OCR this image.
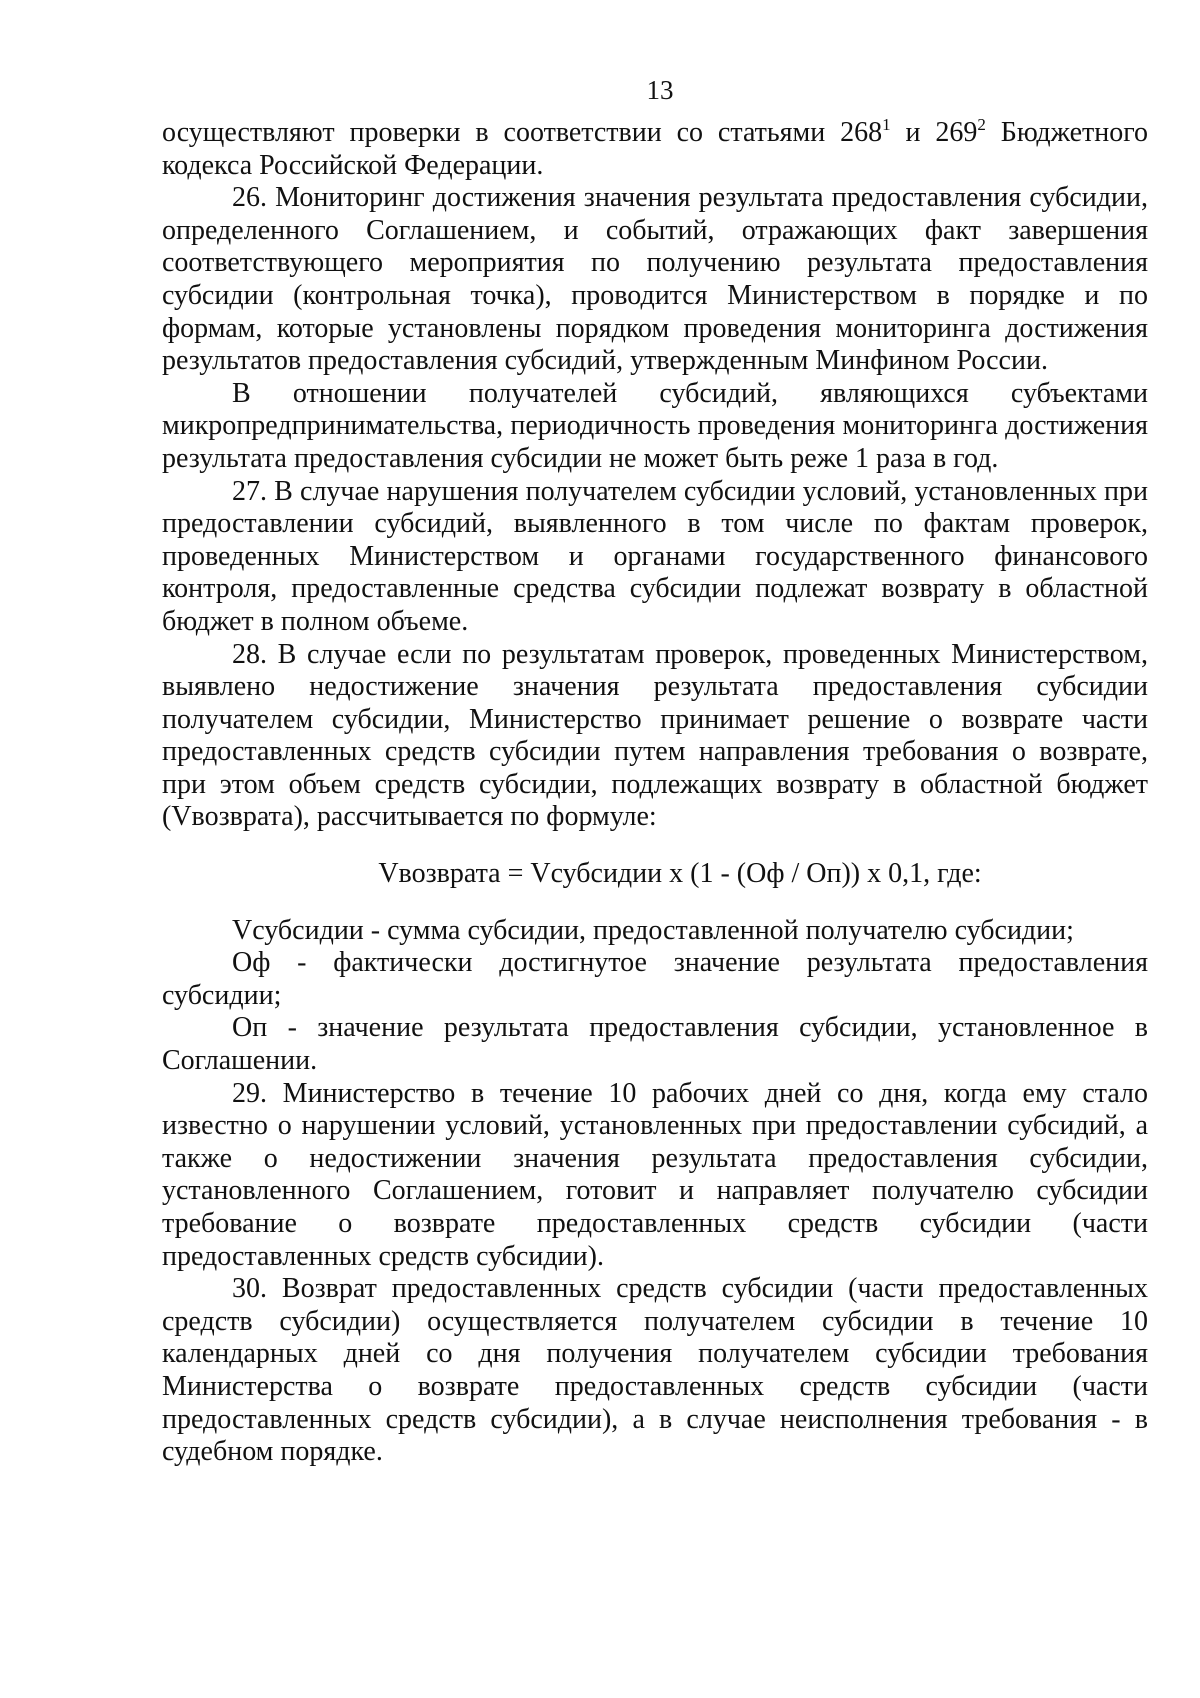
13

осуществляют проверки в соответствии со статьями $268^1$ и $269^2$ Бюджетного кодекса Российской Федерации.

26. Мониторинг достижения значения результата предоставления субсидии, определенного Соглашением, и событий, отражающих факт завершения соответствующего мероприятия по получению результата предоставления субсидии (контрольная точка), проводится Министерством в порядке и по формам, которые установлены порядком проведения мониторинга достижения результатов предоставления субсидий, утвержденным Минфином России.

В отношении получателей субсидий, являющихся субъектами микропредпринимательства, периодичность проведения мониторинга достижения результата предоставления субсидии не может быть реже 1 раза в год.

27. В случае нарушения получателем субсидии условий, установленных при предоставлении субсидий, выявленного в том числе по фактам проверок, проведенных Министерством и органами государственного финансового контроля, предоставленные средства субсидии подлежат возврату в областной бюджет в полном объеме.

28. В случае если по результатам проверок, проведенных Министерством, выявлено недостижение значения результата предоставления субсидии получателем субсидии, Министерство принимает решение о возврате части предоставленных средств субсидии путем направления требования о возврате, при этом объем средств субсидии, подлежащих возврату в областной бюджет (Vвозврата), рассчитывается по формуле:

Vвозврата = Vсубсидии х (1 - (Оф / Оп)) х 0,1, где:

Vсубсидии - сумма субсидии, предоставленной получателю субсидии;

Оф - фактически достигнутое значение результата предоставления субсидии;

Оп - значение результата предоставления субсидии, установленное в Соглашении.

29. Министерство в течение 10 рабочих дней со дня, когда ему стало известно о нарушении условий, установленных при предоставлении субсидий, а также о недостижении значения результата предоставления субсидии, установленного Соглашением, готовит и направляет получателю субсидии требование о возврате предоставленных средств субсидии (части предоставленных средств субсидии).

30. Возврат предоставленных средств субсидии (части предоставленных средств субсидии) осуществляется получателем субсидии в течение 10 календарных дней со дня получения получателем субсидии требования Министерства о возврате предоставленных средств субсидии (части предоставленных средств субсидии), а в случае неисполнения требования - в судебном порядке.
